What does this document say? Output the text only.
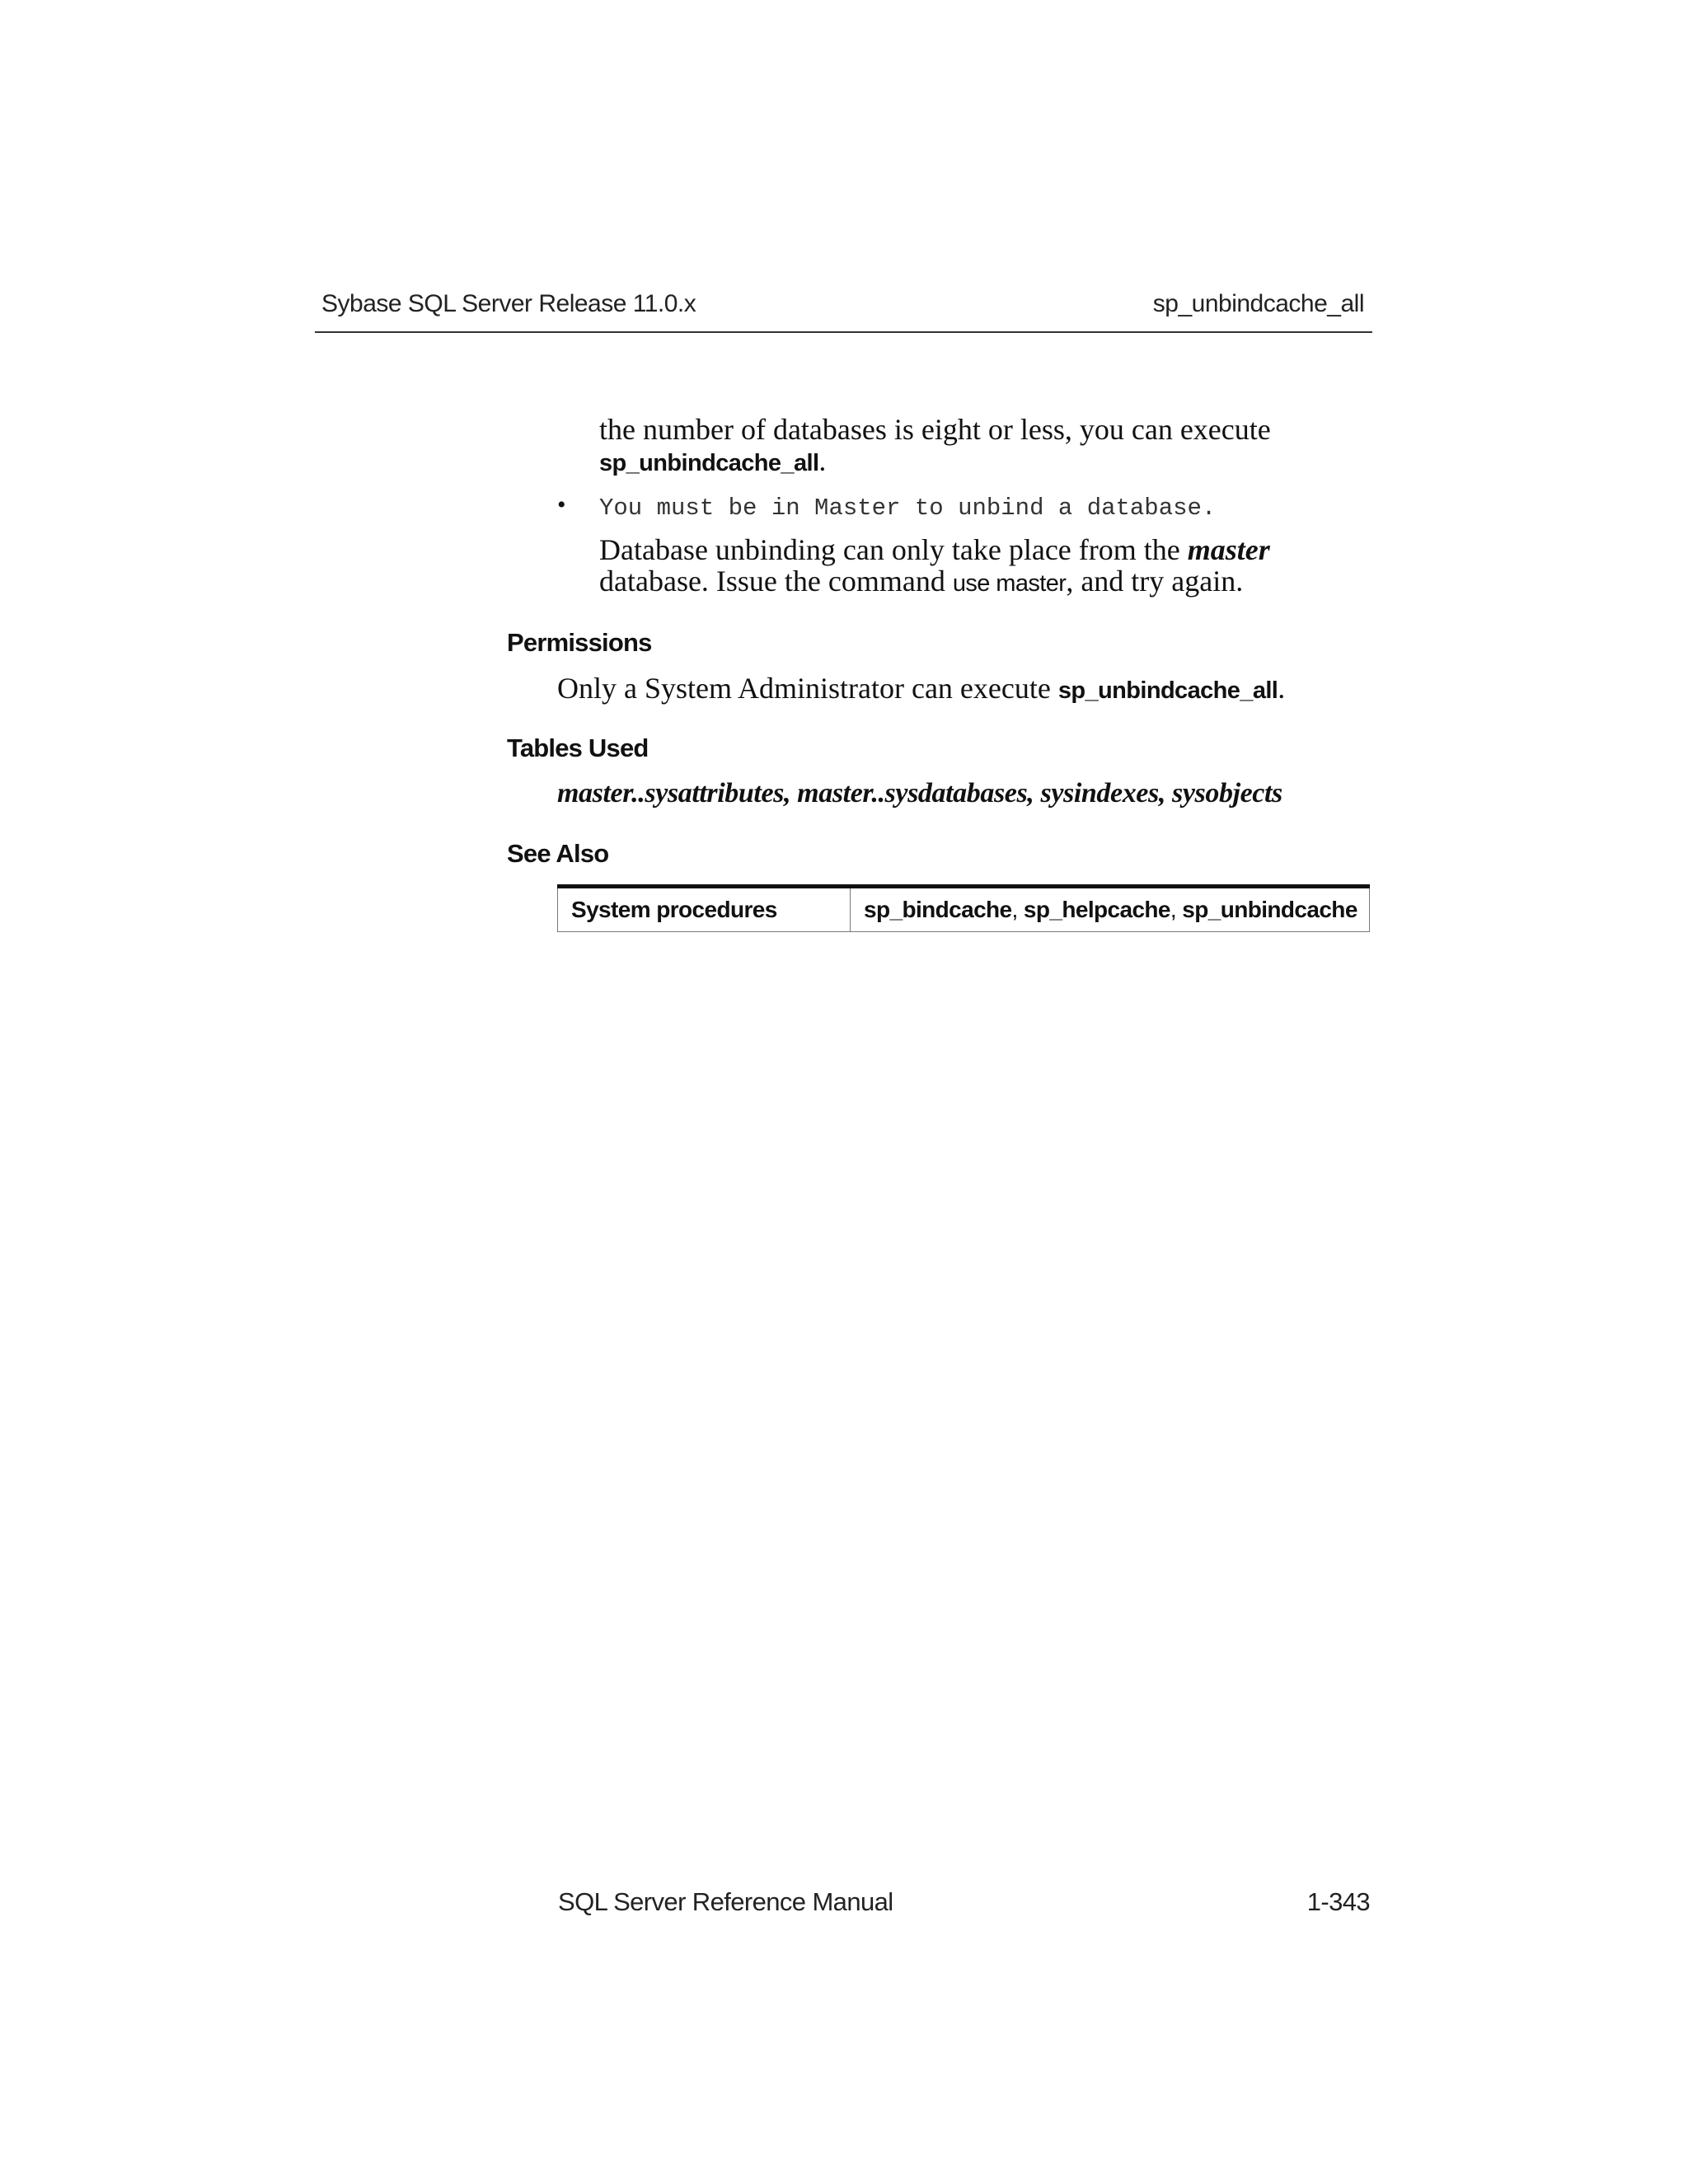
Sybase SQL Server Release 11.0.x	sp_unbindcache_all
the number of databases is eight or less, you can execute
sp_unbindcache_all.
• You must be in Master to unbind a database.
Database unbinding can only take place from the master
database. Issue the command use master, and try again.
Permissions
Only a System Administrator can execute sp_unbindcache_all.
Tables Used
master..sysattributes, master..sysdatabases, sysindexes, sysobjects
See Also
System procedures	sp_bindcache, sp_helpcache, sp_unbindcache
SQL Server Reference Manual	1-343
